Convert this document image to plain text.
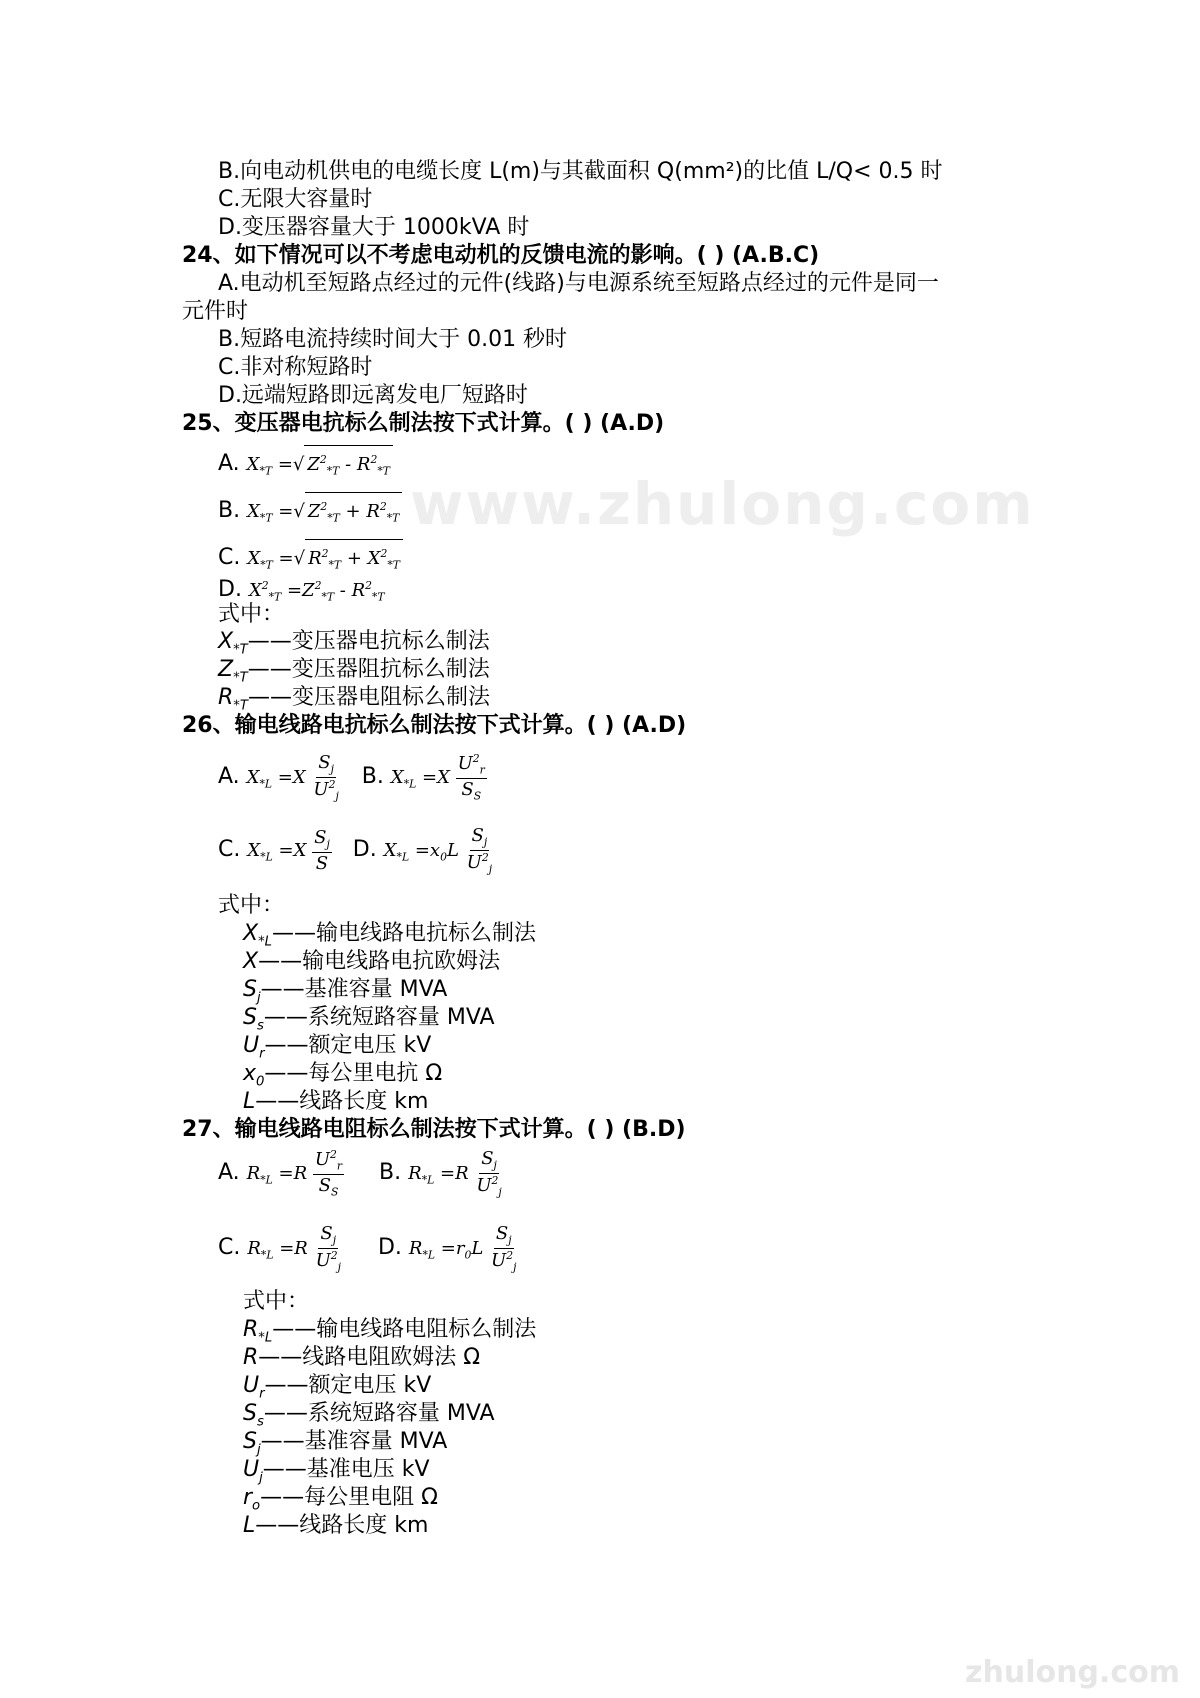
B.向电动机供电的电缆长度 L(m)与其截面积 Q(mm²)的比值 L/Q< 0.5 时
C.无限大容量时
D.变压器容量大于 1000kVA 时
24、如下情况可以不考虑电动机的反馈电流的影响。( ) (A.B.C)
A.电动机至短路点经过的元件(线路)与电源系统至短路点经过的元件是同一
元件时
B.短路电流持续时间大于 0.01 秒时
C.非对称短路时
D.远端短路即远离发电厂短路时
25、变压器电抗标么制法按下式计算。( ) (A.D)
A. $X_{*T}$ =√ $Z^2_{*T} - R^2_{*T}$
B. $X_{*T}$ =√ $Z^2_{*T} + R^2_{*T}$
C. $X_{*T}$ =√ $R^2_{*T} + X^2_{*T}$
D. $X^2_{*T} =Z^2_{*T} - R^2_{*T}$
式中：
$X_{*T}——$变压器电抗标么制法
$Z_{*T}——$变压器阻抗标么制法
$R_{*T}——$变压器电阻标么制法
26、输电线路电抗标么制法按下式计算。( ) (A.D)
A. $X_{*L} =X \frac{S_j}{U^2_j} B$. $X_{*L} =X \frac{U^2_r}{S_S}$
C. $X_{*L} =X \frac{S_j}{S} D$. $X_{*L} =x_0L \frac{S_j}{U^2_j}$
式中：
$X_{*L}——$输电线路电抗标么制法
X——输电线路电抗欧姆法
$S_j——$基准容量 MVA
$S_s——$系统短路容量 MVA
$U_r——$额定电压 kV
$x_0——$每公里电抗 Ω
L——线路长度 km
27、输电线路电阻标么制法按下式计算。( ) (B.D)
A. $R_{*L} =R \frac{U^2_r}{S_S} B$. $R_{*L} =R \frac{S_j}{U^2_j}$
C. $R_{*L} =R \frac{S_j}{U^2_j} D$. $R_{*L} =r_0L \frac{S_j}{U^2_j}$
式中：
$R_{*L}——$输电线路电阻标么制法
R——线路电阻欧姆法 Ω
$U_r——$额定电压 kV
$S_s——$系统短路容量 MVA
$S_j——$基准容量 MVA
$U_j——$基准电压 kV
$r_o——$每公里电阻 Ω
L——线路长度 km
www.zhulong.com
zhulong.com
